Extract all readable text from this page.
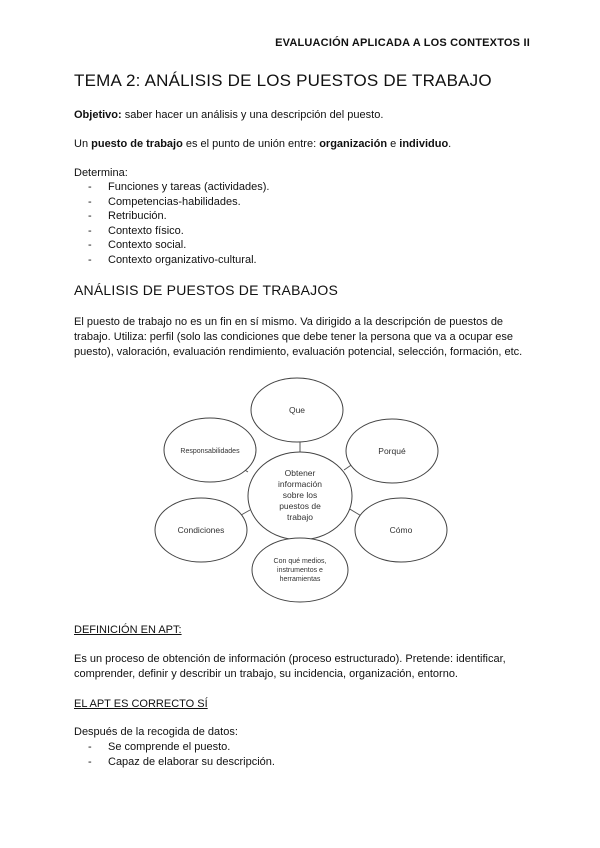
EVALUACIÓN APLICADA A LOS CONTEXTOS II
TEMA 2: ANÁLISIS DE LOS PUESTOS DE TRABAJO

Objetivo: saber hacer un análisis y una descripción del puesto.

Un puesto de trabajo es el punto de unión entre: organización e individuo.

Determina:

- Funciones y tareas (actividades).
- Competencias-habilidades.
- Retribución.
- Contexto físico.
- Contexto social.
- Contexto organizativo-cultural.
ANÁLISIS DE PUESTOS DE TRABAJOS

El puesto de trabajo no es un fin en sí mismo. Va dirigido a la descripción de puestos de

trabajo. Utiliza: perfil (solo las condiciones que debe tener la persona que va a ocupar ese

puesto), valoración, evaluación rendimiento, evaluación potencial, selección, formación, etc.

Obtener
información
sobre los
puestos de
trabajo
Que
Porqué
Cómo
Con qué medios,
instrumentos e
herramientas
Condiciones
Responsabilidades

DEFINICIÓN EN APT:

Es un proceso de obtención de información (proceso estructurado). Pretende: identificar,

comprender, definir y describir un trabajo, su incidencia, organización, entorno.

EL APT ES CORRECTO SÍ

Después de la recogida de datos:

- Se comprende el puesto.
- Capaz de elaborar su descripción.
